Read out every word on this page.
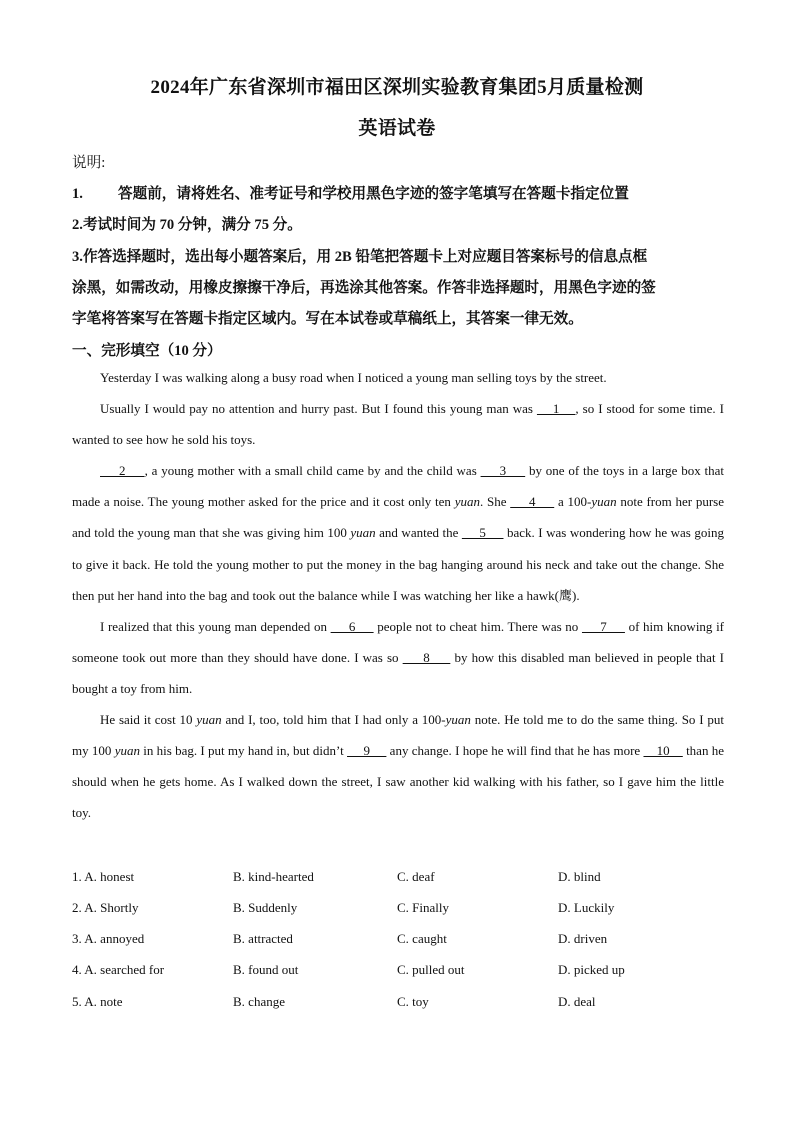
2024年广东省深圳市福田区深圳实验教育集团5月质量检测
英语试卷
说明:
1. 答题前，请将姓名、准考证号和学校用黑色字迹的签字笔填写在答题卡指定位置
2.考试时间为 70 分钟，满分 75 分。
3.作答选择题时，选出每小题答案后，用 2B 铅笔把答题卡上对应题目答案标号的信息点框
涂黑，如需改动，用橡皮擦擦干净后，再选涂其他答案。作答非选择题时，用黑色字迹的签
字笔将答案写在答题卡指定区域内。写在本试卷或草稿纸上，其答案一律无效。
一、完形填空（10 分）
Yesterday I was walking along a busy road when I noticed a young man selling toys by the street.
Usually I would pay no attention and hurry past. But I found this young man was     1    , so I stood for some time. I wanted to see how he sold his toys.
2     , a young mother with a small child came by and the child was      3      by one of the toys in a large box that made a noise. The young mother asked for the price and it cost only ten yuan. She      4      a 100-yuan note from her purse and told the young man that she was giving him 100 yuan and wanted the      5      back. I was wondering how he was going to give it back. He told the young mother to put the money in the bag hanging around his neck and take out the change. She then put her hand into the bag and took out the balance while I was watching her like a hawk(鹰).
I realized that this young man depended on      6      people not to cheat him. There was no      7      of him knowing if someone took out more than they should have done. I was so      8      by how this disabled man believed in people that I bought a toy from him.
He said it cost 10 yuan and I, too, told him that I had only a 100-yuan note. He told me to do the same thing. So I put my 100 yuan in his bag. I put my hand in, but didn’t      9      any change. I hope he will find that he has more     10     than he should when he gets home. As I walked down the street, I saw another kid walking with his father, so I gave him the little toy.
1. A. honest	B. kind-hearted	C. deaf	D. blind
2. A. Shortly	B. Suddenly	C. Finally	D. Luckily
3. A. annoyed	B. attracted	C. caught	D. driven
4. A. searched for	B. found out	C. pulled out	D. picked up
5. A. note	B. change	C. toy	D. deal
